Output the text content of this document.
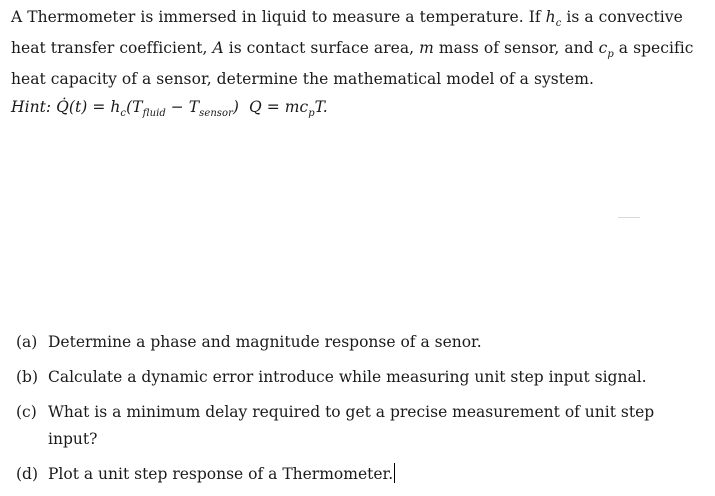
A Thermometer is immersed in liquid to measure a temperature. If $h_c$ is a convective
heat transfer coefficient, A is contact surface area, m mass of sensor, and $c_p$ a specific
heat capacity of a sensor, determine the mathematical model of a system.
Hint: Q̇(t) = $h_c(T_{fluid} - T_{sensor}) Q = mc_pT$.
(a) Determine a phase and magnitude response of a senor.
(b) Calculate a dynamic error introduce while measuring unit step input signal.
(c) What is a minimum delay required to get a precise measurement of unit step input?
(d) Plot a unit step response of a Thermometer.
